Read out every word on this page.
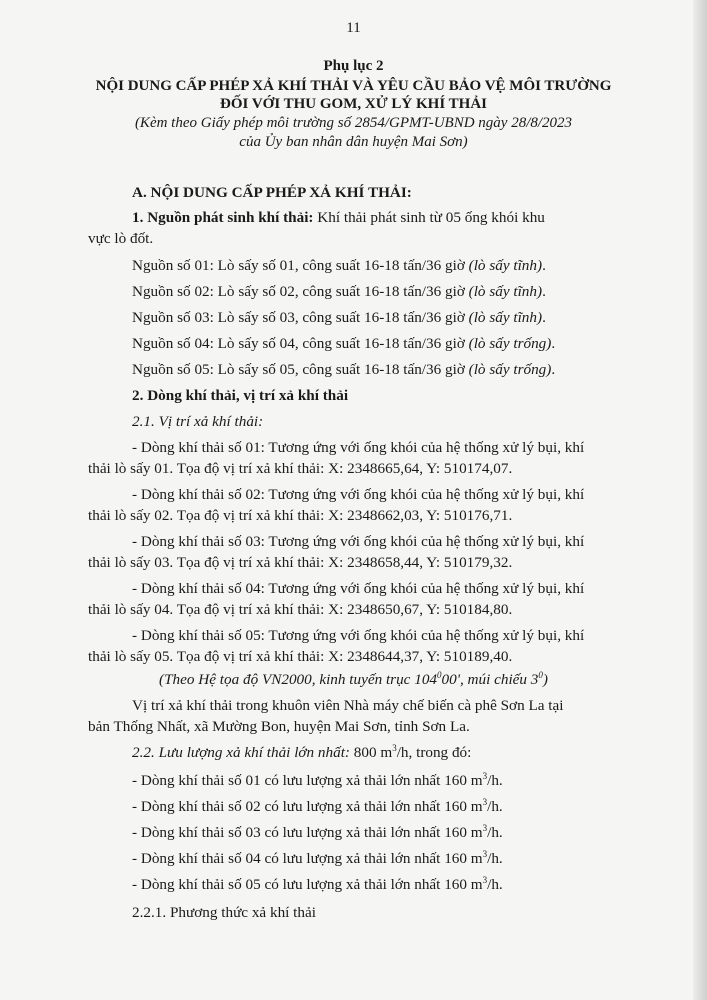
11
Phụ lục 2
NỘI DUNG CẤP PHÉP XẢ KHÍ THẢI VÀ YÊU CẦU BẢO VỆ MÔI TRƯỜNG
ĐỐI VỚI THU GOM, XỬ LÝ KHÍ THẢI
(Kèm theo Giấy phép môi trường số 2854/GPMT-UBND ngày 28/8/2023
của Ủy ban nhân dân huyện Mai Sơn)
A. NỘI DUNG CẤP PHÉP XẢ KHÍ THẢI:
1. Nguồn phát sinh khí thải: Khí thải phát sinh từ 05 ống khói khu
vực lò đốt.
Nguồn số 01: Lò sấy số 01, công suất 16-18 tấn/36 giờ (lò sấy tĩnh).
Nguồn số 02: Lò sấy số 02, công suất 16-18 tấn/36 giờ (lò sấy tĩnh).
Nguồn số 03: Lò sấy số 03, công suất 16-18 tấn/36 giờ (lò sấy tĩnh).
Nguồn số 04: Lò sấy số 04, công suất 16-18 tấn/36 giờ (lò sấy trống).
Nguồn số 05: Lò sấy số 05, công suất 16-18 tấn/36 giờ (lò sấy trống).
2. Dòng khí thải, vị trí xả khí thải
2.1. Vị trí xả khí thải:
- Dòng khí thải số 01: Tương ứng với ống khói của hệ thống xử lý bụi, khí
thải lò sấy 01. Tọa độ vị trí xả khí thải: X: 2348665,64, Y: 510174,07.
- Dòng khí thải số 02: Tương ứng với ống khói của hệ thống xử lý bụi, khí
thải lò sấy 02. Tọa độ vị trí xả khí thải: X: 2348662,03, Y: 510176,71.
- Dòng khí thải số 03: Tương ứng với ống khói của hệ thống xử lý bụi, khí
thải lò sấy 03. Tọa độ vị trí xả khí thải: X: 2348658,44, Y: 510179,32.
- Dòng khí thải số 04: Tương ứng với ống khói của hệ thống xử lý bụi, khí
thải lò sấy 04. Tọa độ vị trí xả khí thải: X: 2348650,67, Y: 510184,80.
- Dòng khí thải số 05: Tương ứng với ống khói của hệ thống xử lý bụi, khí
thải lò sấy 05. Tọa độ vị trí xả khí thải: X: 2348644,37, Y: 510189,40.
(Theo Hệ tọa độ VN2000, kinh tuyến trục $104^000'$, múi chiếu $3^0$)
Vị trí xả khí thải trong khuôn viên Nhà máy chế biến cà phê Sơn La tại
bản Thống Nhất, xã Mường Bon, huyện Mai Sơn, tỉnh Sơn La.
2.2. Lưu lượng xả khí thải lớn nhất: 800 $m^3/h$, trong đó:
- Dòng khí thải số 01 có lưu lượng xả thải lớn nhất 160 $m^3/h$.
- Dòng khí thải số 02 có lưu lượng xả thải lớn nhất 160 $m^3/h$.
- Dòng khí thải số 03 có lưu lượng xả thải lớn nhất 160 $m^3/h$.
- Dòng khí thải số 04 có lưu lượng xả thải lớn nhất 160 $m^3/h$.
- Dòng khí thải số 05 có lưu lượng xả thải lớn nhất 160 $m^3/h$.
2.2.1. Phương thức xả khí thải
